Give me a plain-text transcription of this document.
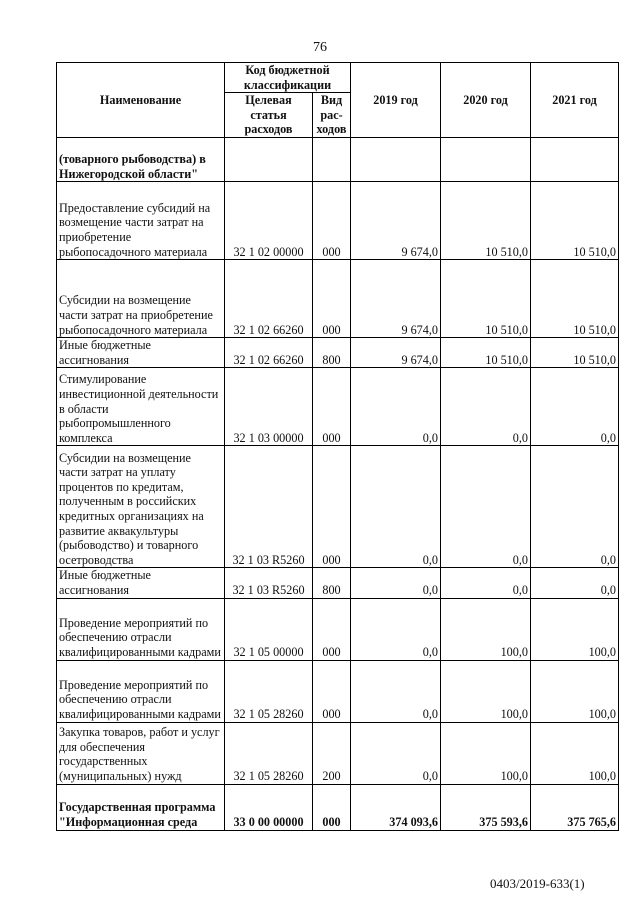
76
Наименование	Код бюджетной классификации		2019 год	2020 год	2021 год
	Целевая статья расходов	Вид рас-ходов			
(товарного рыбоводства) в Нижегородской области"					
Предоставление субсидий на возмещение части затрат на приобретение рыбопосадочного материала	32 1 02 00000	000	9 674,0	10 510,0	10 510,0
Субсидии на возмещение части затрат на приобретение рыбопосадочного материала	32 1 02 66260	000	9 674,0	10 510,0	10 510,0
Иные бюджетные ассигнования	32 1 02 66260	800	9 674,0	10 510,0	10 510,0
Стимулирование инвестиционной деятельности в области рыбопромышленного комплекса	32 1 03 00000	000	0,0	0,0	0,0
Субсидии на возмещение части затрат на уплату процентов по кредитам, полученным в российских кредитных организациях на развитие аквакультуры (рыбоводство) и товарного осетроводства	32 1 03 R5260	000	0,0	0,0	0,0
Иные бюджетные ассигнования	32 1 03 R5260	800	0,0	0,0	0,0
Проведение мероприятий по обеспечению отрасли квалифицированными кадрами	32 1 05 00000	000	0,0	100,0	100,0
Проведение мероприятий по обеспечению отрасли квалифицированными кадрами	32 1 05 28260	000	0,0	100,0	100,0
Закупка товаров, работ и услуг для обеспечения государственных (муниципальных) нужд	32 1 05 28260	200	0,0	100,0	100,0
Государственная программа "Информационная среда	33 0 00 00000	000	374 093,6	375 593,6	375 765,6
0403/2019-633(1)
